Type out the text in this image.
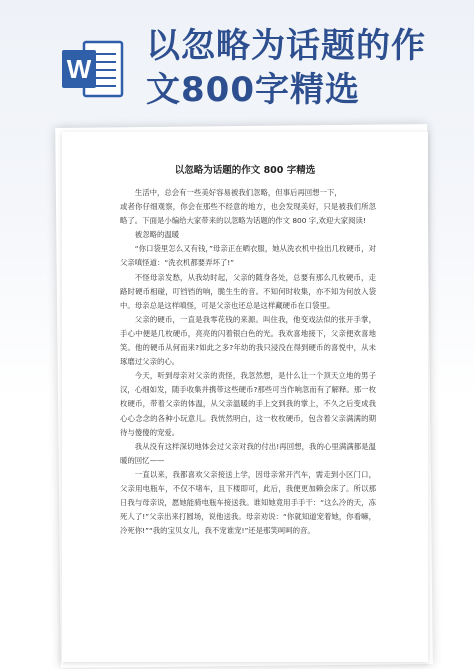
W
以忽略为话题的作
文800字精选
以忽略为话题的作文 800 字精选

生活中，总会有一些美好容易被我们忽略，但事后再回想一下，

或者你仔细观察，你会在那些不经意的地方，也会发现美好，只是被我们所忽略了。下面是小编给大家带来的以忽略为话题的作文 800 字,欢迎大家阅读!

被忽略的温暖

“你口袋里怎么又有钱，”母亲正在晒衣服，她从洗衣机中捡出几枚硬币，对父亲嗔怪道：“洗衣机都要弄坏了!”

不怪母亲发愁，从我幼时起，父亲的随身各处，总要有那么几枚硬币，走路时硬币相碰，叮铛铛的响，脆生生的音。不知何时收集，亦不知为何放入袋中。母亲总是这样嗔怪，可是父亲也还总是这样藏硬币在口袋里。

父亲的硬币，一直是我零花钱的来源。叫住我，他变戏法似的张开手掌，手心中便是几枚硬币，亮亮的闪着银白色的光。我欢喜地接下，父亲便欢喜地笑。他的硬币从何而来?如此之多?年幼的我只浸没在得到硬币的喜悦中，从未琢磨过父亲的心。

今天，听到母亲对父亲的责怪，我忽然想，是什么让一个顶天立地的男子汉，心细如发，随手收集并携带这些硬币?那些可当作响忽而有了解释。那一枚枚硬币，带着父亲的体温，从父亲温暖的手上交到我的掌上，不久之后变成我心心念念的各种小玩意儿。我恍然明白，这一枚枚硬币，包含着父亲满满的期待与傻傻的宠爱。

我从没有这样深切地体会过父亲对我的付出!再回想，我的心里满满都是温暖的回忆——

一直以来，我都喜欢父亲接送上学，因母亲常开汽车，需走到小区门口，父亲用电瓶车，不仅不堵车，且下楼即可，此后，我便更加赖会床了。所以那日我与母亲说，愿她能骑电瓶车接送我。谁知她竟用手手干：“这么冷的天，冻死人了!”父亲出来打圆场，说他送我。母亲劝说：“你就知道宠着她，你看嘛，冷死你!”“我的宝贝女儿，我不宠谁宠!”还是那笑呵呵的音。
